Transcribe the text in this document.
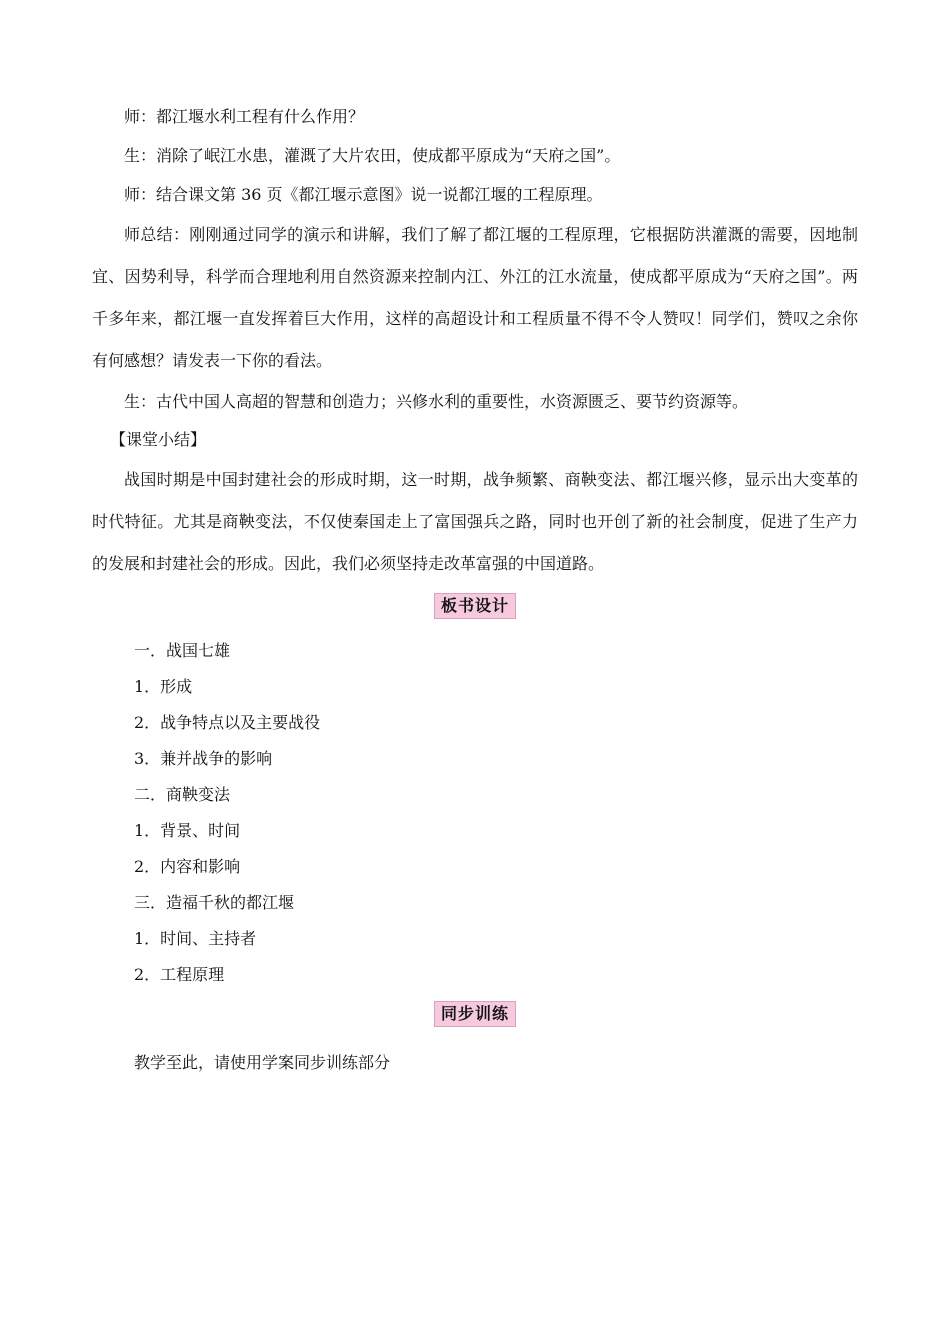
师：都江堰水利工程有什么作用？

生：消除了岷江水患，灌溉了大片农田，使成都平原成为“天府之国”。

师：结合课文第 36 页《都江堰示意图》说一说都江堰的工程原理。

师总结：刚刚通过同学的演示和讲解，我们了解了都江堰的工程原理，它根据防洪灌溉的需要，因地制宜、因势利导，科学而合理地利用自然资源来控制内江、外江的江水流量，使成都平原成为“天府之国”。两千多年来，都江堰一直发挥着巨大作用，这样的高超设计和工程质量不得不令人赞叹！同学们，赞叹之余你有何感想？请发表一下你的看法。

生：古代中国人高超的智慧和创造力；兴修水利的重要性，水资源匮乏、要节约资源等。

【课堂小结】

战国时期是中国封建社会的形成时期，这一时期，战争频繁、商鞅变法、都江堰兴修，显示出大变革的时代特征。尤其是商鞅变法，不仅使秦国走上了富国强兵之路，同时也开创了新的社会制度，促进了生产力的发展和封建社会的形成。因此，我们必须坚持走改革富强的中国道路。

板书设计
一．战国七雄
1．形成
2．战争特点以及主要战役
3．兼并战争的影响
二．商鞅变法
1．背景、时间
2．内容和影响
三．造福千秋的都江堰
1．时间、主持者
2．工程原理
同步训练

教学至此，请使用学案同步训练部分
